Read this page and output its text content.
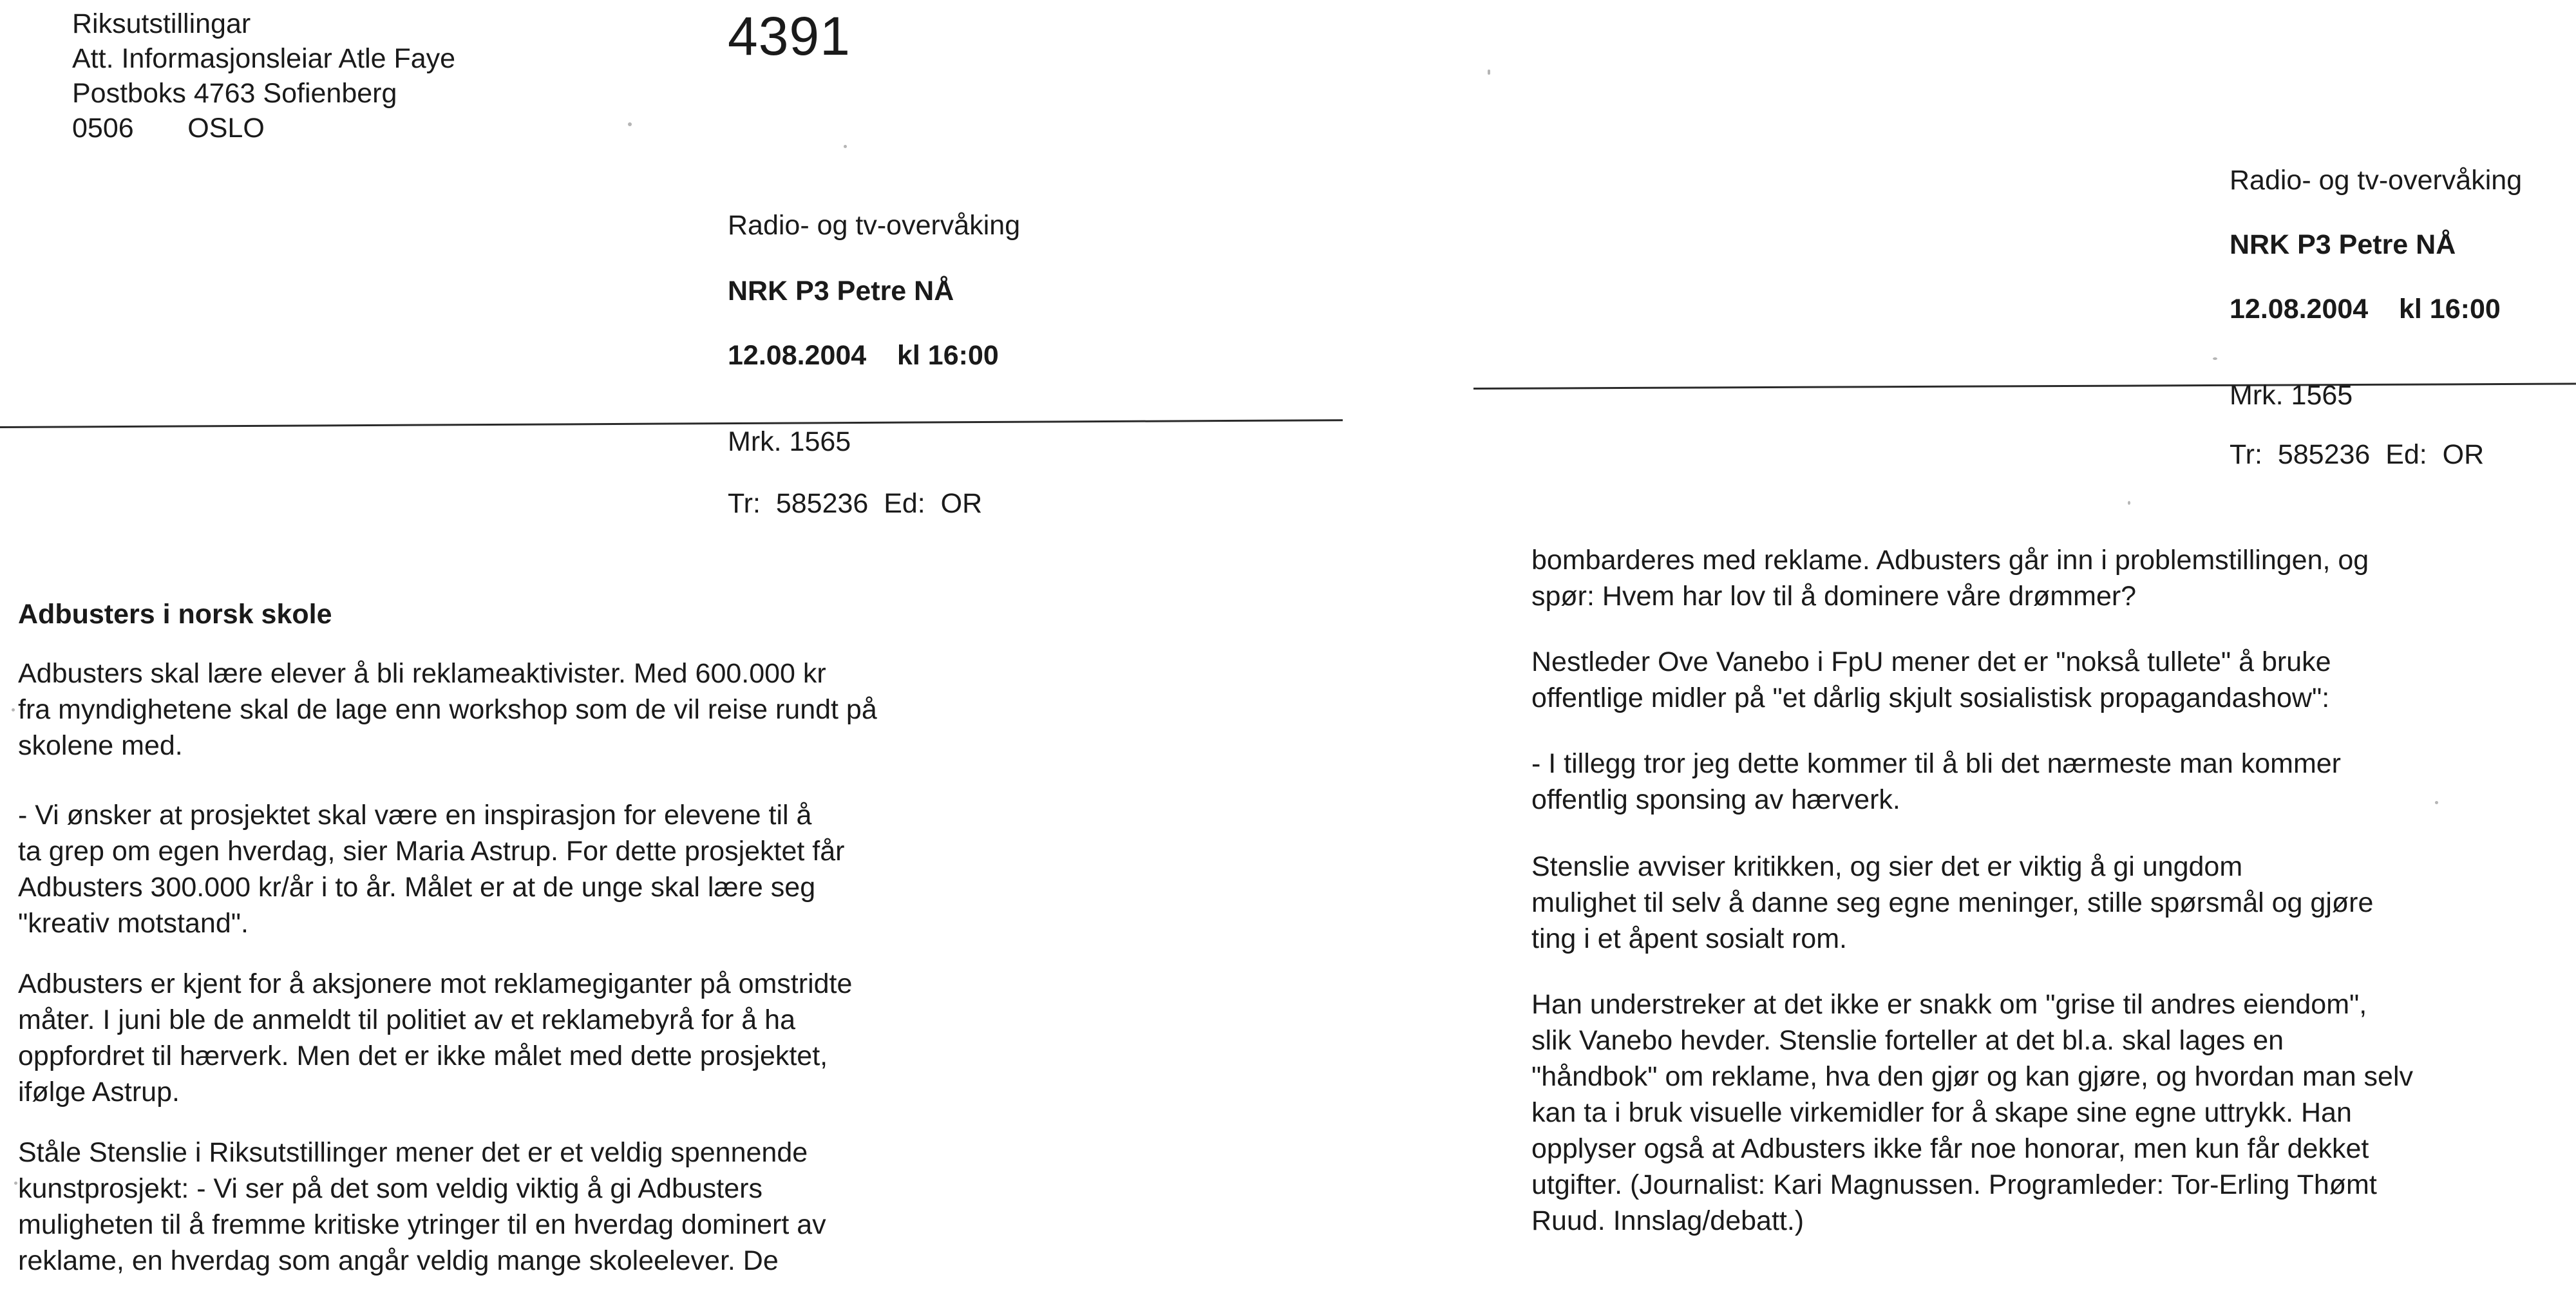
Riksutstillingar
Att. Informasjonsleiar Atle Faye
Postboks 4763 Sofienberg
0506       OSLO
4391
Radio- og tv-overvåking
NRK P3 Petre NÅ
12.08.2004    kl 16:00
Mrk. 1565
Tr:  585236  Ed:  OR
Adbusters i norsk skole
Adbusters skal lære elever å bli reklameaktivister. Med 600.000 kr
fra myndighetene skal de lage enn workshop som de vil reise rundt på
skolene med.
- Vi ønsker at prosjektet skal være en inspirasjon for elevene til å
ta grep om egen hverdag, sier Maria Astrup. For dette prosjektet får
Adbusters 300.000 kr/år i to år. Målet er at de unge skal lære seg
"kreativ motstand".
Adbusters er kjent for å aksjonere mot reklamegiganter på omstridte
måter. I juni ble de anmeldt til politiet av et reklamebyrå for å ha
oppfordret til hærverk. Men det er ikke målet med dette prosjektet,
ifølge Astrup.
Ståle Stenslie i Riksutstillinger mener det er et veldig spennende
kunstprosjekt: - Vi ser på det som veldig viktig å gi Adbusters
muligheten til å fremme kritiske ytringer til en hverdag dominert av
reklame, en hverdag som angår veldig mange skoleelever. De
Radio- og tv-overvåking
NRK P3 Petre NÅ
12.08.2004    kl 16:00
Mrk. 1565
Tr:  585236  Ed:  OR
bombarderes med reklame. Adbusters går inn i problemstillingen, og
spør: Hvem har lov til å dominere våre drømmer?
Nestleder Ove Vanebo i FpU mener det er "nokså tullete" å bruke
offentlige midler på "et dårlig skjult sosialistisk propagandashow":
- I tillegg tror jeg dette kommer til å bli det nærmeste man kommer
offentlig sponsing av hærverk.
Stenslie avviser kritikken, og sier det er viktig å gi ungdom
mulighet til selv å danne seg egne meninger, stille spørsmål og gjøre
ting i et åpent sosialt rom.
Han understreker at det ikke er snakk om "grise til andres eiendom",
slik Vanebo hevder. Stenslie forteller at det bl.a. skal lages en
"håndbok" om reklame, hva den gjør og kan gjøre, og hvordan man selv
kan ta i bruk visuelle virkemidler for å skape sine egne uttrykk. Han
opplyser også at Adbusters ikke får noe honorar, men kun får dekket
utgifter. (Journalist: Kari Magnussen. Programleder: Tor-Erling Thømt
Ruud. Innslag/debatt.)
